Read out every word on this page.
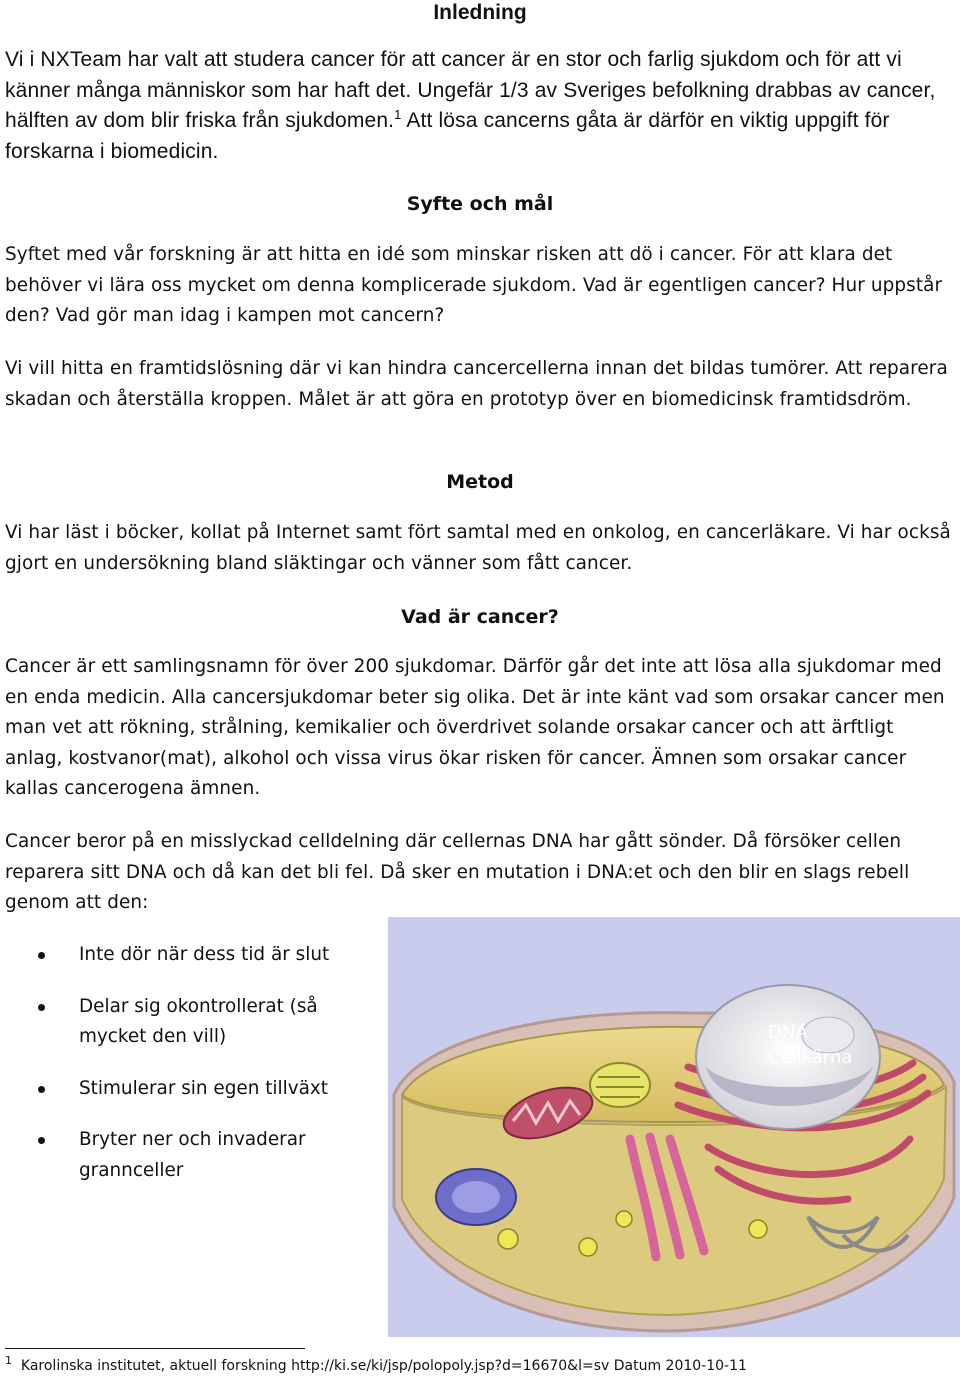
Inledning

Vi i NXTeam har valt att studera cancer för att cancer är en stor och farlig sjukdom och för att vi känner många människor som har haft det. Ungefär 1/3 av Sveriges befolkning drabbas av cancer, hälften av dom blir friska från sjukdomen.$^1$ Att lösa cancerns gåta är därför en viktig uppgift för forskarna i biomedicin.

Syfte och mål

Syftet med vår forskning är att hitta en idé som minskar risken att dö i cancer. För att klara det behöver vi lära oss mycket om denna komplicerade sjukdom. Vad är egentligen cancer? Hur uppstår den? Vad gör man idag i kampen mot cancern?

Vi vill hitta en framtidslösning där vi kan hindra cancercellerna innan det bildas tumörer. Att reparera skadan och återställa kroppen. Målet är att göra en prototyp över en biomedicinsk framtidsdröm.

Metod

Vi har läst i böcker, kollat på Internet samt fört samtal med en onkolog, en cancerläkare. Vi har också gjort en undersökning bland släktingar och vänner som fått cancer.

Vad är cancer?

Cancer är ett samlingsnamn för över 200 sjukdomar. Därför går det inte att lösa alla sjukdomar med en enda medicin. Alla cancersjukdomar beter sig olika. Det är inte känt vad som orsakar cancer men man vet att rökning, strålning, kemikalier och överdrivet solande orsakar cancer och att ärftligt anlag, kostvanor(mat), alkohol och vissa virus ökar risken för cancer. Ämnen som orsakar cancer kallas cancerogena ämnen.

Cancer beror på en misslyckad celldelning där cellernas DNA har gått sönder. Då försöker cellen reparera sitt DNA och då kan det bli fel. Då sker en mutation i DNA:et och den blir en slags rebell genom att den:

Inte dör när dess tid är slut
Delar sig okontrollerat (så mycket den vill)
Stimulerar sin egen tillväxt
Bryter ner och invaderar grannceller
DNA
Cellkärna
$^1$ Karolinska institutet, aktuell forskning http://ki.se/ki/jsp/polopoly.jsp?d=16670&l=sv Datum 2010-10-11
